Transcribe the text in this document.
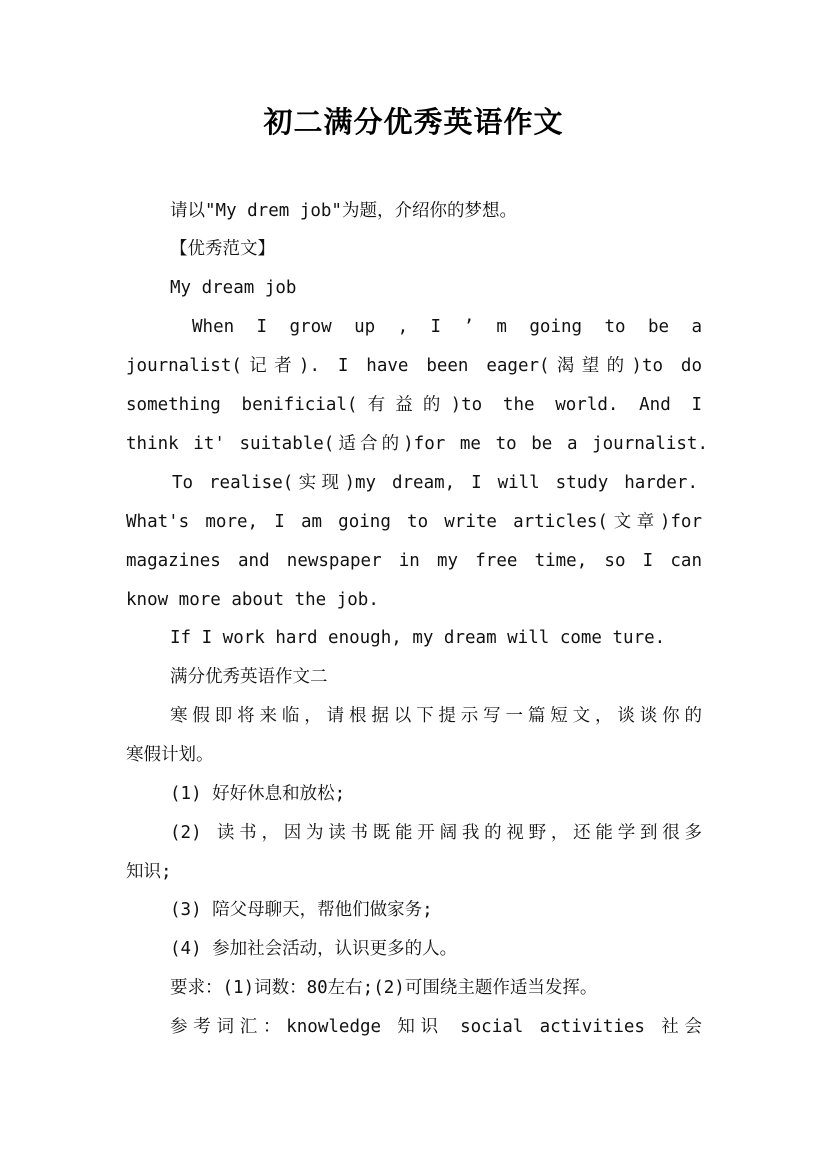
初二满分优秀英语作文
请以"My drem job"为题，介绍你的梦想。
【优秀范文】
My dream job
When I grow up , I ’ m going to be a
journalist(记者). I have been eager(渴望的)to do
something benificial(有益的)to the world. And I
think it' suitable(适合的)for me to be a journalist.
To realise(实现)my dream, I will study harder.
What's more, I am going to write articles(文章)for
magazines and newspaper in my free time, so I can
know more about the job.
If I work hard enough, my dream will come ture.
满分优秀英语作文二
寒假即将来临，请根据以下提示写一篇短文，谈谈你的
寒假计划。
(1) 好好休息和放松;
(2) 读书，因为读书既能开阔我的视野，还能学到很多
知识;
(3) 陪父母聊天，帮他们做家务;
(4) 参加社会活动，认识更多的人。
要求：(1)词数：80左右;(2)可围绕主题作适当发挥。
参考词汇：knowledge 知识 social activities 社会
